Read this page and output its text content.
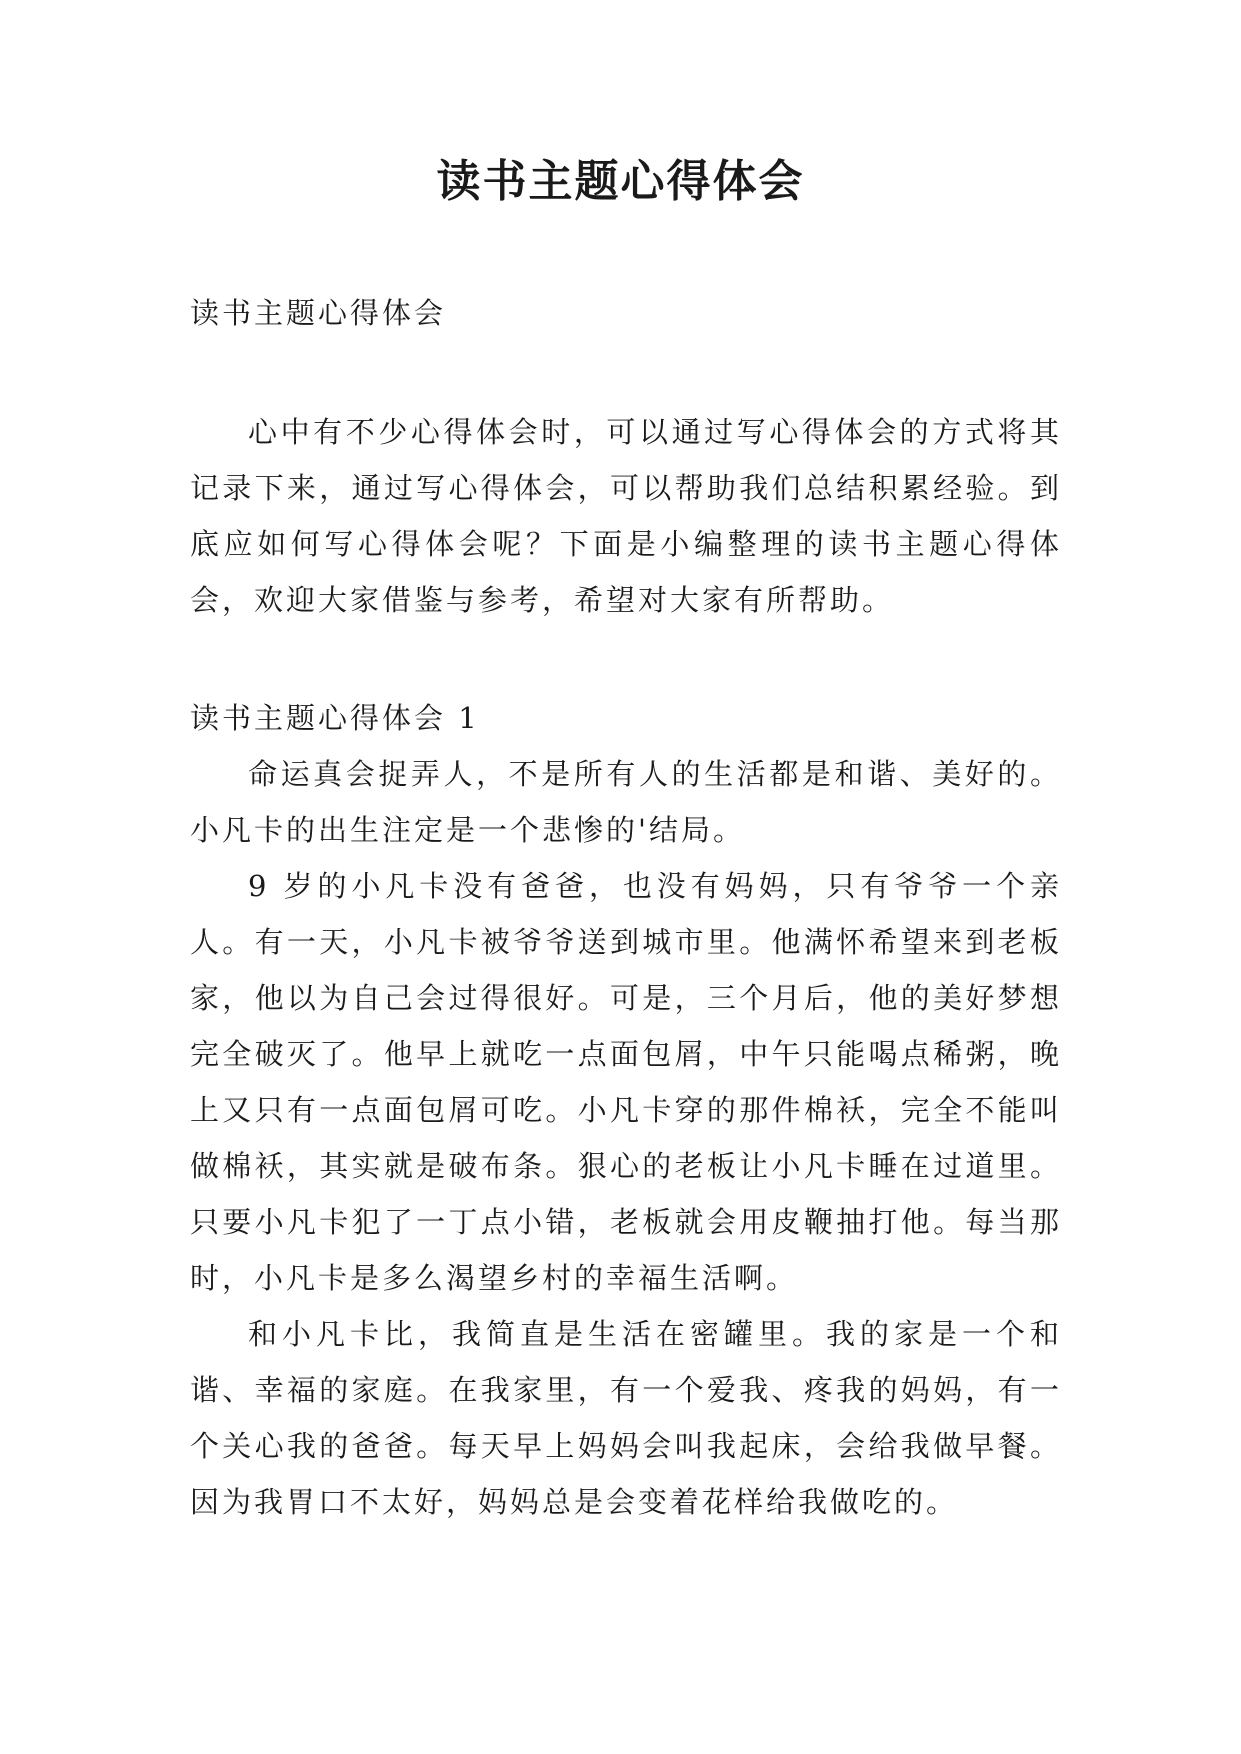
读书主题心得体会

读书主题心得体会

心中有不少心得体会时，可以通过写心得体会的方式将其记录下来，通过写心得体会，可以帮助我们总结积累经验。到底应如何写心得体会呢？下面是小编整理的读书主题心得体会，欢迎大家借鉴与参考，希望对大家有所帮助。

读书主题心得体会 1

命运真会捉弄人，不是所有人的生活都是和谐、美好的。小凡卡的出生注定是一个悲惨的'结局。

9 岁的小凡卡没有爸爸，也没有妈妈，只有爷爷一个亲人。有一天，小凡卡被爷爷送到城市里。他满怀希望来到老板家，他以为自己会过得很好。可是，三个月后，他的美好梦想完全破灭了。他早上就吃一点面包屑，中午只能喝点稀粥，晚上又只有一点面包屑可吃。小凡卡穿的那件棉袄，完全不能叫做棉袄，其实就是破布条。狠心的老板让小凡卡睡在过道里。只要小凡卡犯了一丁点小错，老板就会用皮鞭抽打他。每当那时，小凡卡是多么渴望乡村的幸福生活啊。

和小凡卡比，我简直是生活在密罐里。我的家是一个和谐、幸福的家庭。在我家里，有一个爱我、疼我的妈妈，有一个关心我的爸爸。每天早上妈妈会叫我起床，会给我做早餐。因为我胃口不太好，妈妈总是会变着花样给我做吃的。
